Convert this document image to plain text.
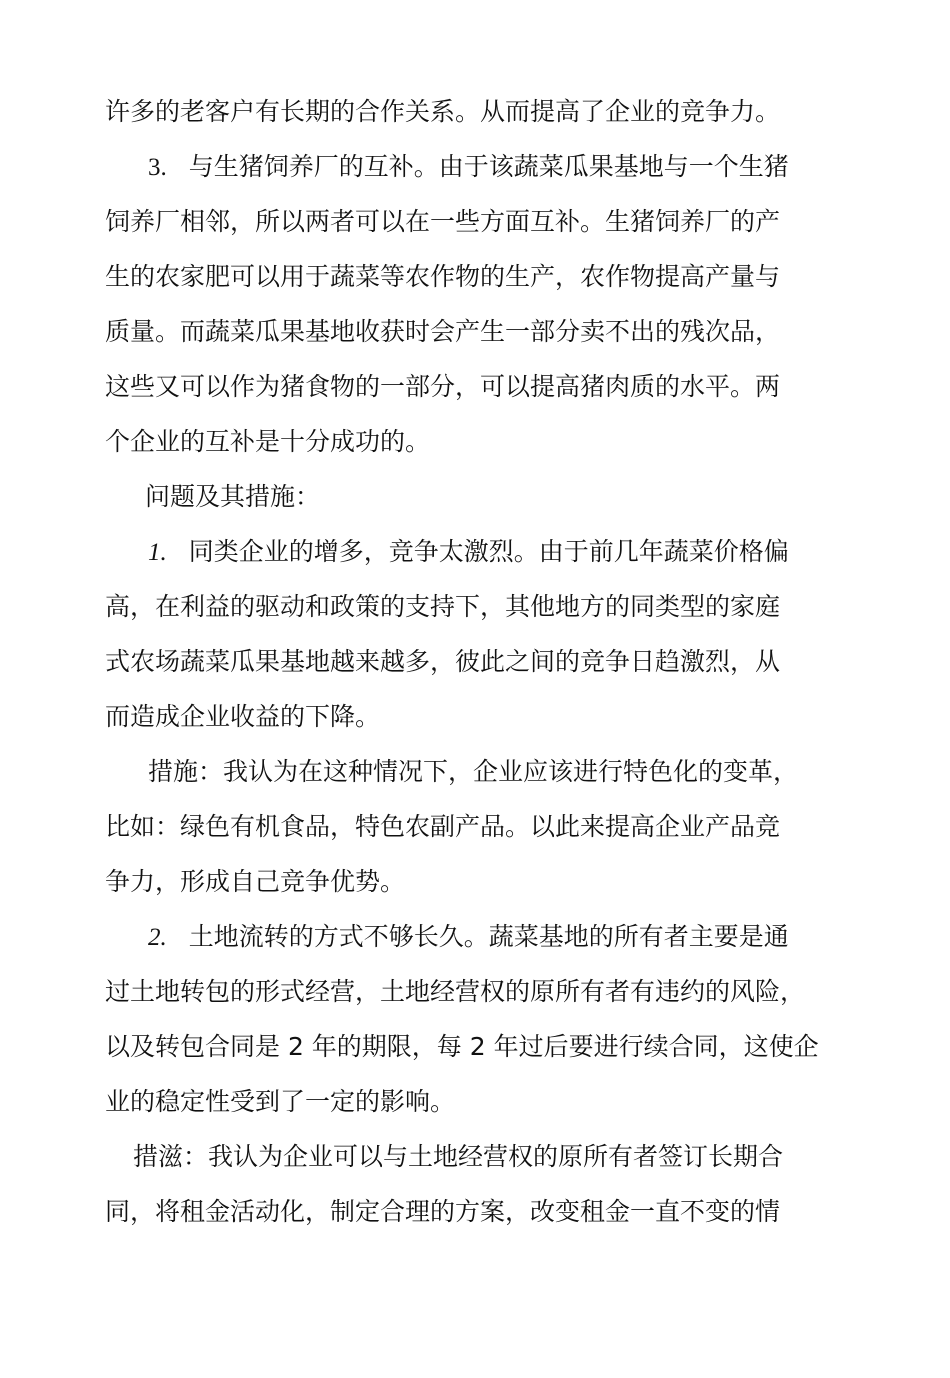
许多的老客户有长期的合作关系。从而提高了企业的竞争力。
3. 与生猪饲养厂的互补。由于该蔬菜瓜果基地与一个生猪
饲养厂相邻，所以两者可以在一些方面互补。生猪饲养厂的产
生的农家肥可以用于蔬菜等农作物的生产，农作物提高产量与
质量。而蔬菜瓜果基地收获时会产生一部分卖不出的残次品，
这些又可以作为猪食物的一部分，可以提高猪肉质的水平。两
个企业的互补是十分成功的。
问题及其措施：
1. 同类企业的增多，竞争太激烈。由于前几年蔬菜价格偏
高，在利益的驱动和政策的支持下，其他地方的同类型的家庭
式农场蔬菜瓜果基地越来越多，彼此之间的竞争日趋激烈，从
而造成企业收益的下降。
措施：我认为在这种情况下，企业应该进行特色化的变革，
比如：绿色有机食品，特色农副产品。以此来提高企业产品竞
争力，形成自己竞争优势。
2. 土地流转的方式不够长久。蔬菜基地的所有者主要是通
过土地转包的形式经营，土地经营权的原所有者有违约的风险，
以及转包合同是 2 年的期限，每 2 年过后要进行续合同，这使企
业的稳定性受到了一定的影响。
措滋：我认为企业可以与土地经营权的原所有者签订长期合
同，将租金活动化，制定合理的方案，改变租金一直不变的情
